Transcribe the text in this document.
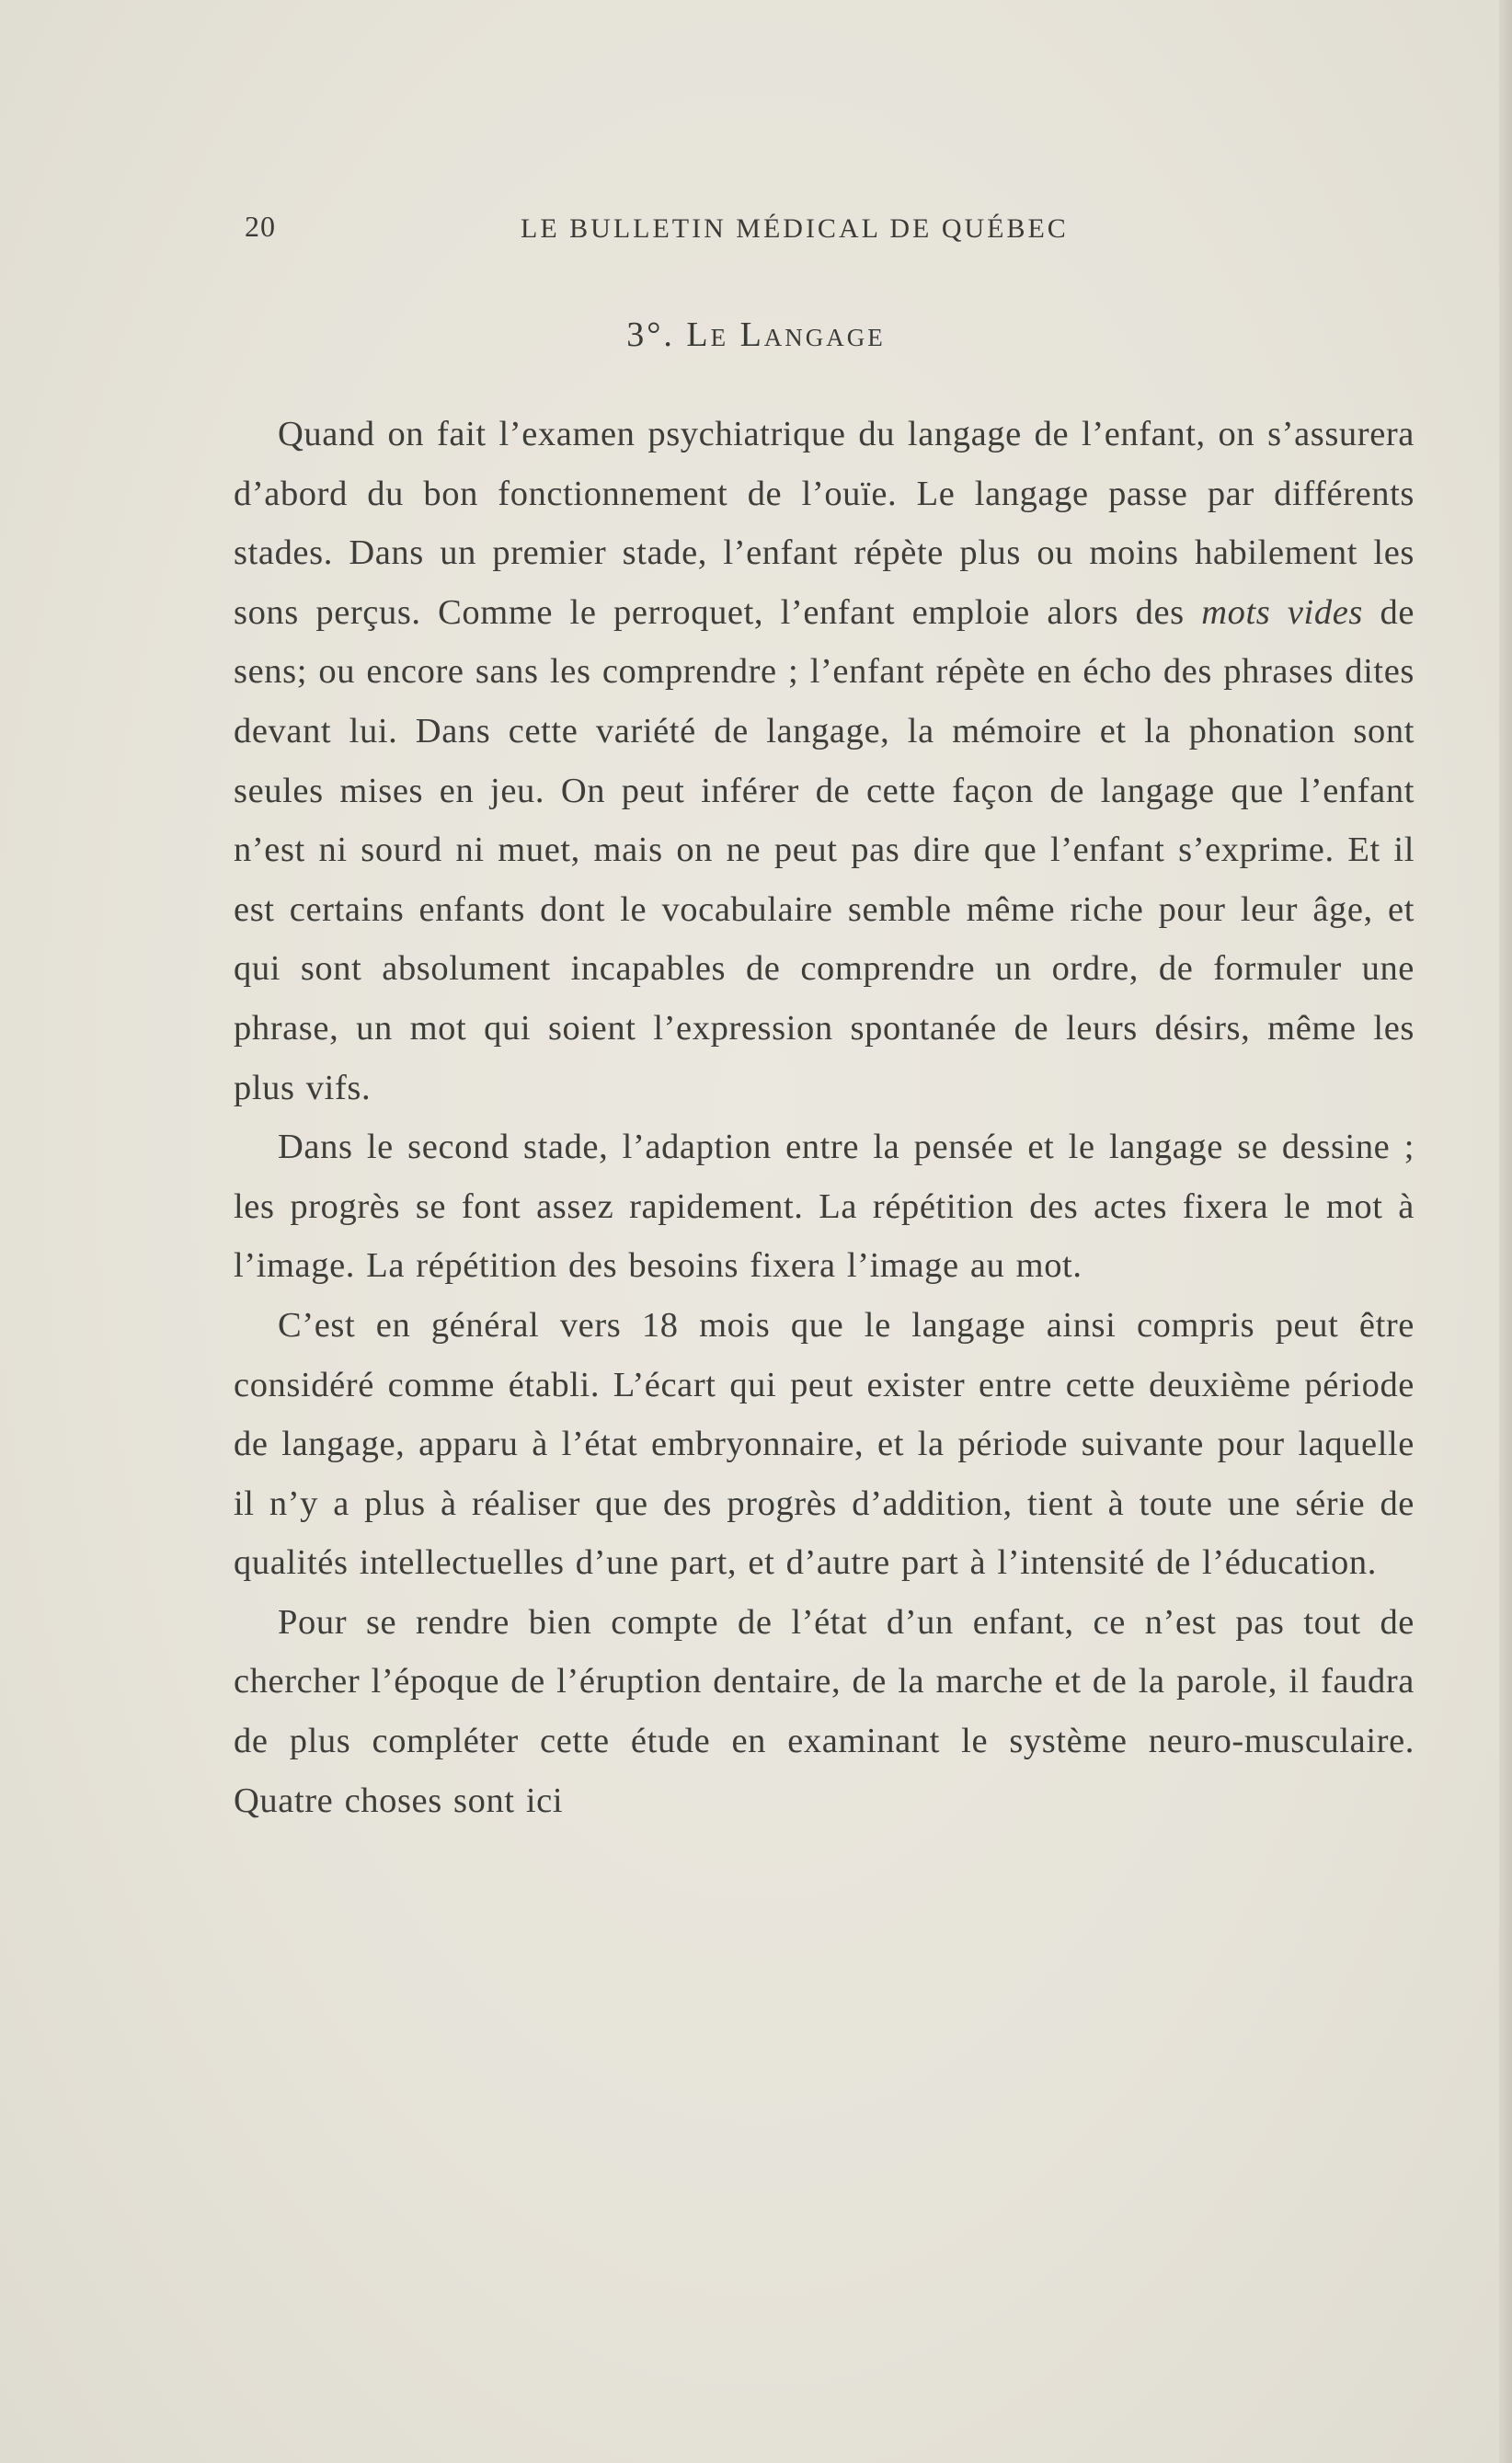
20	LE BULLETIN MÉDICAL DE QUÉBEC
3°. Le Langage

Quand on fait l’examen psychiatrique du langage de l’enfant, on s’assurera d’abord du bon fonctionnement de l’ouïe. Le langage passe par différents stades. Dans un premier stade, l’enfant répète plus ou moins habilement les sons perçus. Comme le perroquet, l’enfant emploie alors des mots vides de sens; ou encore sans les comprendre ; l’enfant répète en écho des phrases dites devant lui. Dans cette variété de langage, la mémoire et la phonation sont seules mises en jeu. On peut inférer de cette façon de langage que l’enfant n’est ni sourd ni muet, mais on ne peut pas dire que l’enfant s’exprime. Et il est certains enfants dont le vocabulaire semble même riche pour leur âge, et qui sont absolument incapables de comprendre un ordre, de formuler une phrase, un mot qui soient l’expression spontanée de leurs désirs, même les plus vifs.

Dans le second stade, l’adaption entre la pensée et le langage se dessine ; les progrès se font assez rapidement. La répétition des actes fixera le mot à l’image. La répétition des besoins fixera l’image au mot.

C’est en général vers 18 mois que le langage ainsi compris peut être considéré comme établi. L’écart qui peut exister entre cette deuxième période de langage, apparu à l’état embryonnaire, et la période suivante pour laquelle il n’y a plus à réaliser que des progrès d’addition, tient à toute une série de qualités intellectuelles d’une part, et d’autre part à l’intensité de l’éducation.

Pour se rendre bien compte de l’état d’un enfant, ce n’est pas tout de chercher l’époque de l’éruption dentaire, de la marche et de la parole, il faudra de plus compléter cette étude en examinant le système neuro-musculaire. Quatre choses sont ici
